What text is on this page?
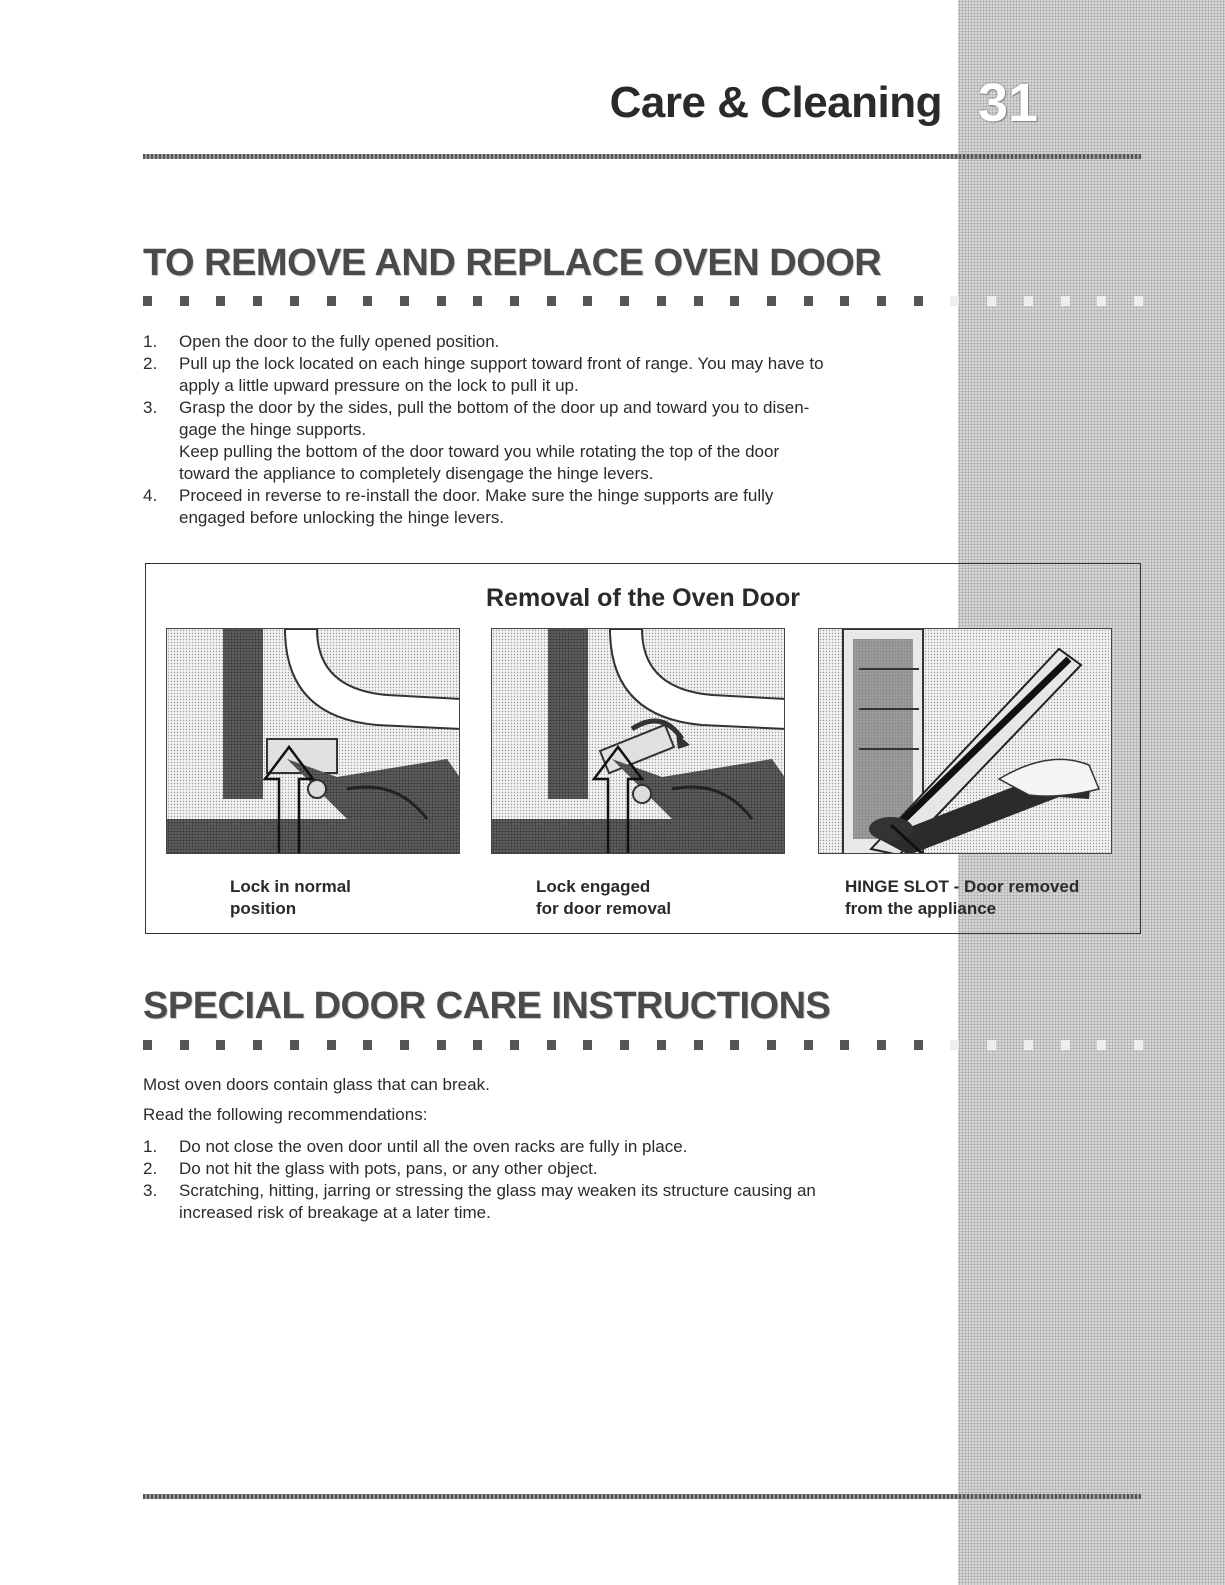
Care & Cleaning 31
TO REMOVE AND REPLACE OVEN DOOR
1. Open the door to the fully opened position.
2. Pull up the lock located on each hinge support toward front of range. You may have to
apply a little upward pressure on the lock to pull it up.
3. Grasp the door by the sides, pull the bottom of the door up and toward you to disen-
gage the hinge supports.
Keep pulling the bottom of the door toward you while rotating the top of the door
toward the appliance to completely disengage the hinge levers.
4. Proceed in reverse to re-install the door. Make sure the hinge supports are fully
engaged before unlocking the hinge levers.
Removal of the Oven Door
Lock in normal
position
Lock engaged
for door removal
HINGE SLOT - Door removed
from the appliance
SPECIAL DOOR CARE INSTRUCTIONS

Most oven doors contain glass that can break.

Read the following recommendations:

1. Do not close the oven door until all the oven racks are fully in place.
2. Do not hit the glass with pots, pans, or any other object.
3. Scratching, hitting, jarring or stressing the glass may weaken its structure causing an
increased risk of breakage at a later time.
